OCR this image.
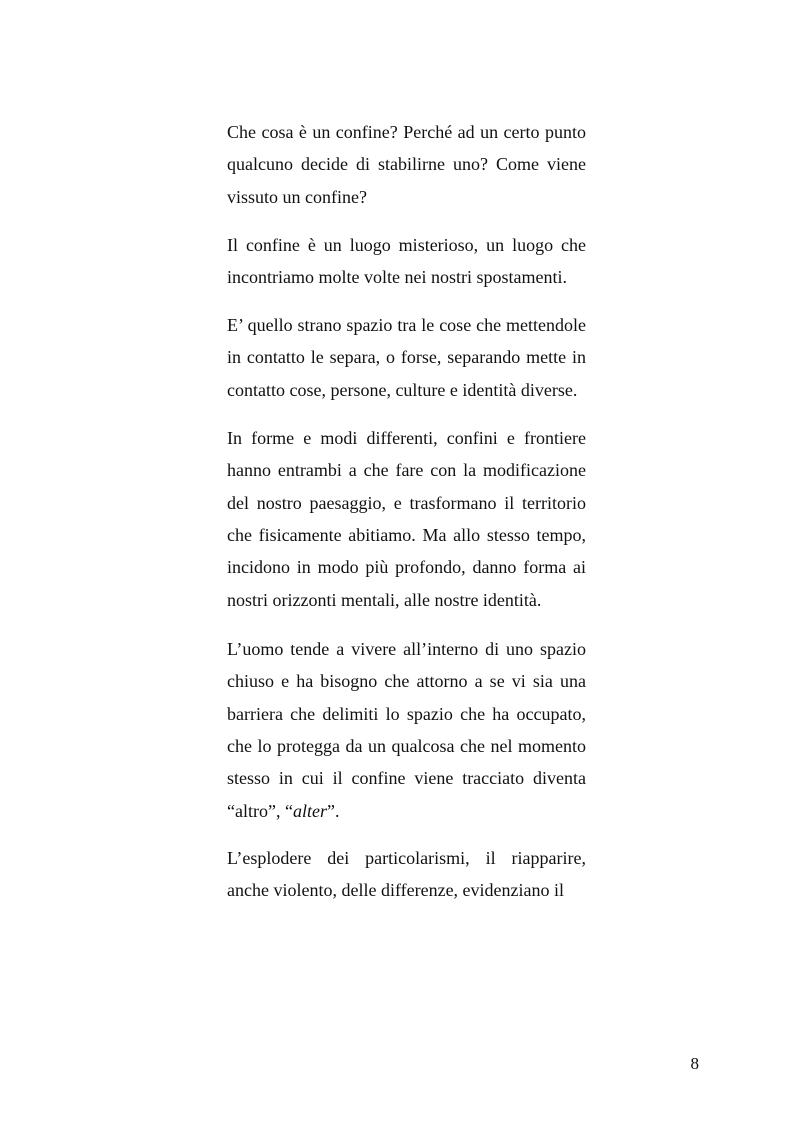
Che cosa è un confine? Perché ad un certo punto qualcuno decide di stabilirne uno? Come viene vissuto un confine?

Il confine è un luogo misterioso, un luogo che incontriamo molte volte nei nostri spostamenti.

E’ quello strano spazio tra le cose che mettendole in contatto le separa, o forse, separando mette in contatto cose, persone, culture e identità diverse.

In forme e modi differenti, confini e frontiere hanno entrambi a che fare con la modificazione del nostro paesaggio, e trasformano il territorio che fisicamente abitiamo. Ma allo stesso tempo, incidono in modo più profondo, danno forma ai nostri orizzonti mentali, alle nostre identità.

L’uomo tende a vivere all’interno di uno spazio chiuso e ha bisogno che attorno a se vi sia una barriera che delimiti lo spazio che ha occupato, che lo protegga da un qualcosa che nel momento stesso in cui il confine viene tracciato diventa “altro”, “alter”.

L’esplodere dei particolarismi, il riapparire, anche violento, delle differenze, evidenziano il

8
